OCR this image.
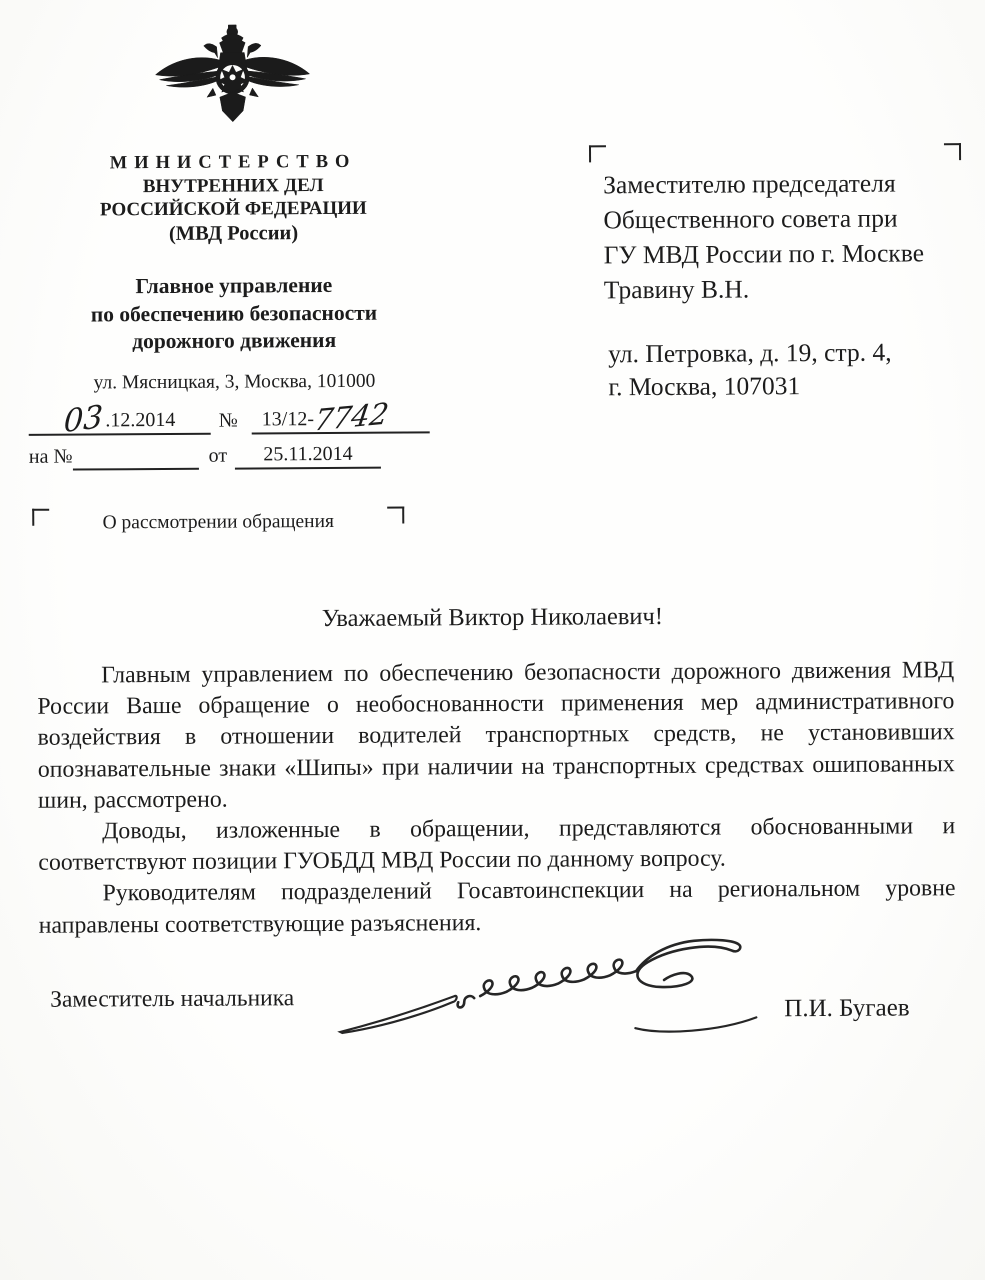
МИНИСТЕРСТВО
ВНУТРЕННИХ ДЕЛ
РОССИЙСКОЙ ФЕДЕРАЦИИ
(МВД России)
Главное управление
по обеспечению безопасности
дорожного движения
ул. Мясницкая, 3, Москва, 101000
03.12.2014	№	13/12-7742
на №	от	25.11.2014
О рассмотрении обращения
Заместителю председателя
Общественного совета при
ГУ МВД России по г. Москве
Травину В.Н.
ул. Петровка, д. 19, стр. 4,
г. Москва, 107031
Уважаемый Виктор Николаевич!

Главным управлением по обеспечению безопасности дорожного движения МВД России Ваше обращение о необоснованности применения мер административного воздействия в отношении водителей транспортных средств, не установивших опознавательные знаки «Шипы» при наличии на транспортных средствах ошипованных шин, рассмотрено.

Доводы, изложенные в обращении, представляются обоснованными и соответствуют позиции ГУОБДД МВД России по данному вопросу.

Руководителям подразделений Госавтоинспекции на региональном уровне направлены соответствующие разъяснения.

Заместитель начальника	П.И. Бугаев
